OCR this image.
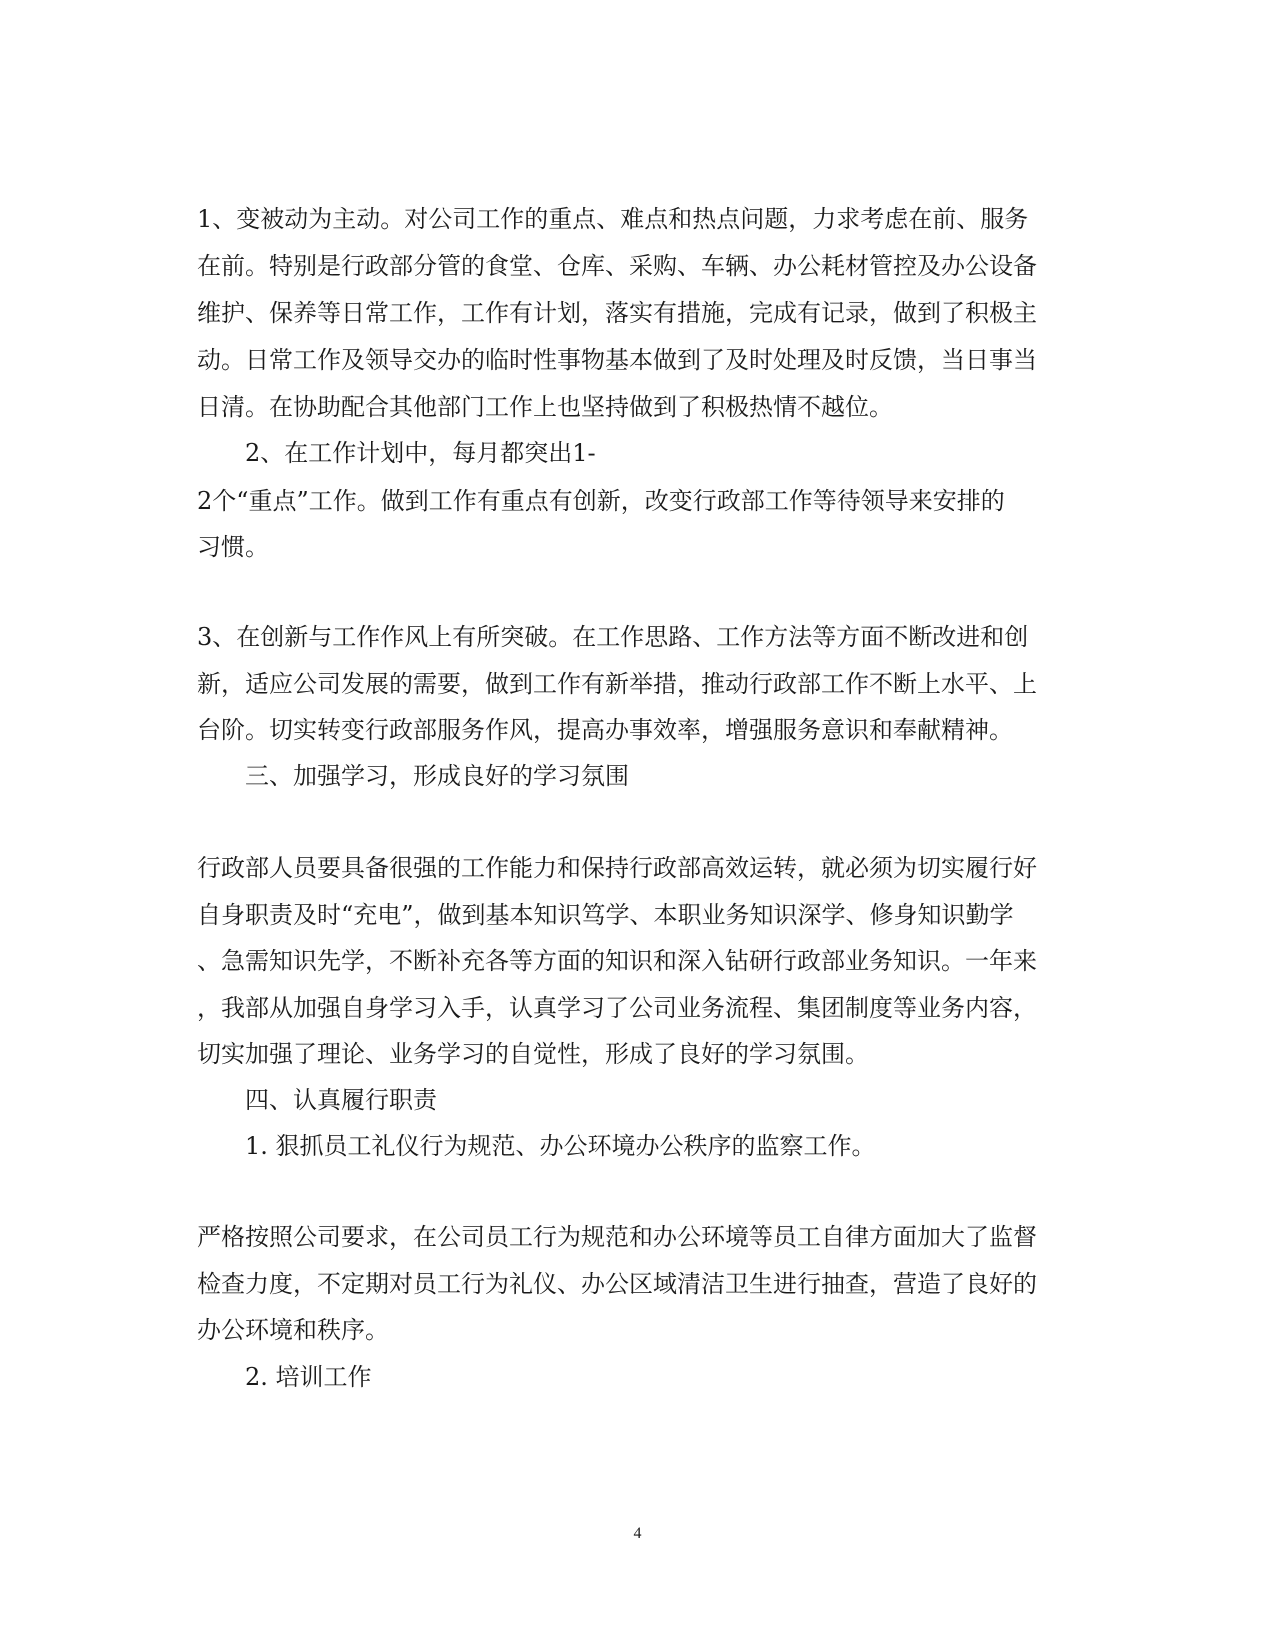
1、变被动为主动。对公司工作的重点、难点和热点问题，力求考虑在前、服务

在前。特别是行政部分管的食堂、仓库、采购、车辆、办公耗材管控及办公设备

维护、保养等日常工作，工作有计划，落实有措施，完成有记录，做到了积极主

动。日常工作及领导交办的临时性事物基本做到了及时处理及时反馈，当日事当

日清。在协助配合其他部门工作上也坚持做到了积极热情不越位。

2、在工作计划中，每月都突出1-

2个“重点”工作。做到工作有重点有创新，改变行政部工作等待领导来安排的

习惯。

3、在创新与工作作风上有所突破。在工作思路、工作方法等方面不断改进和创

新，适应公司发展的需要，做到工作有新举措，推动行政部工作不断上水平、上

台阶。切实转变行政部服务作风，提高办事效率，增强服务意识和奉献精神。

三、加强学习，形成良好的学习氛围

行政部人员要具备很强的工作能力和保持行政部高效运转，就必须为切实履行好

自身职责及时“充电”，做到基本知识笃学、本职业务知识深学、修身知识勤学

、急需知识先学，不断补充各等方面的知识和深入钻研行政部业务知识。一年来

，我部从加强自身学习入手，认真学习了公司业务流程、集团制度等业务内容，

切实加强了理论、业务学习的自觉性，形成了良好的学习氛围。

四、认真履行职责

1. 狠抓员工礼仪行为规范、办公环境办公秩序的监察工作。

严格按照公司要求，在公司员工行为规范和办公环境等员工自律方面加大了监督

检查力度，不定期对员工行为礼仪、办公区域清洁卫生进行抽查，营造了良好的

办公环境和秩序。

2. 培训工作

4
